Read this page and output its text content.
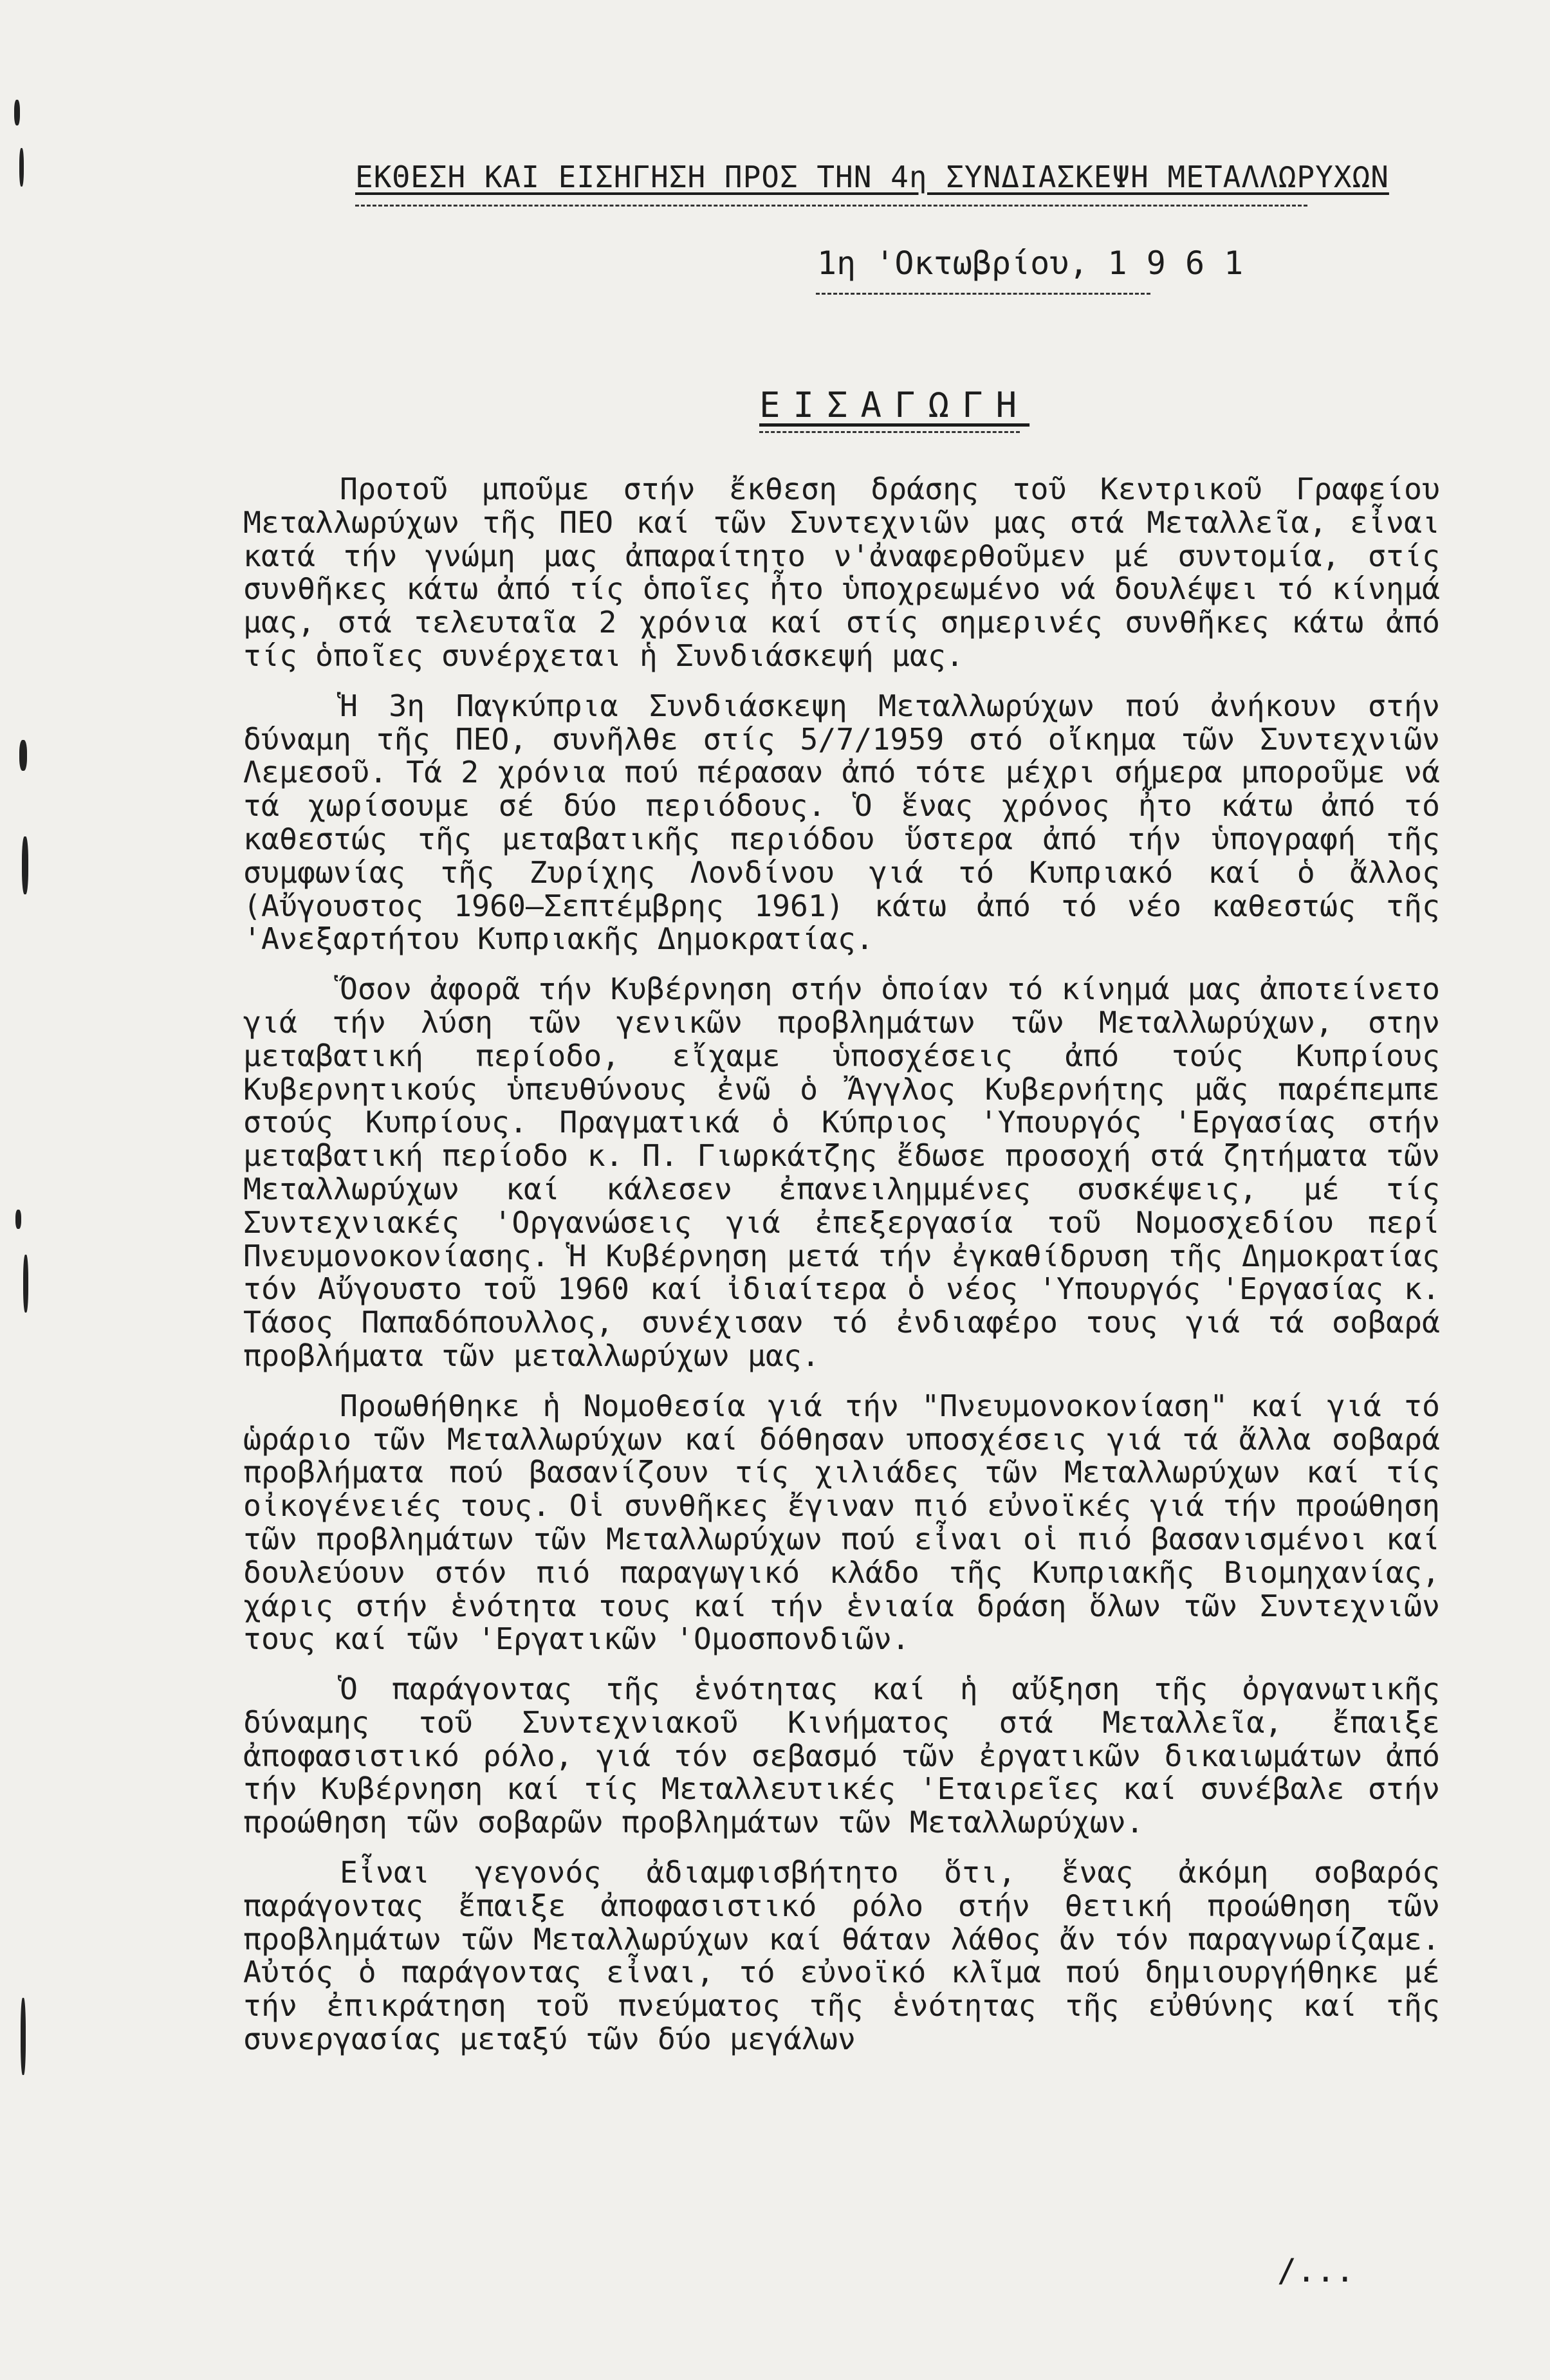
ΕΚΘΕΣΗ ΚΑΙ ΕΙΣΗΓΗΣΗ ΠΡΟΣ ΤΗΝ 4η ΣΥΝΔΙΑΣΚΕΨΗ ΜΕΤΑΛΛΩΡΥΧΩΝ
1η 'Οκτωβρίου, 1 9 6 1
ΕΙΣΑΓΩΓΗ

Προτοῦ μποῦμε στήν ἔκθεση δράσης τοῦ Κεντρικοῦ Γραφείου Μεταλλωρύχων τῆς ΠΕΟ καί τῶν Συντεχνιῶν μας στά Μεταλλεῖα, εἶναι κατά τήν γνώμη μας ἀπαραίτητο ν'ἀναφερθοῦμεν μέ συντομία, στίς συνθῆκες κάτω ἀπό τίς ὁποῖες ἦτο ὑποχρεωμένο νά δουλέψει τό κίνημά μας, στά τελευταῖα 2 χρόνια καί στίς σημερινές συνθῆκες κάτω ἀπό τίς ὁποῖες συνέρχεται ἡ Συνδιάσκεψή μας.

Ἡ 3η Παγκύπρια Συνδιάσκεψη Μεταλλωρύχων πού ἀνήκουν στήν δύναμη τῆς ΠΕΟ, συνῆλθε στίς 5/7/1959 στό οἴκημα τῶν Συντεχνιῶν Λεμεσοῦ. Τά 2 χρόνια πού πέρασαν ἀπό τότε μέχρι σήμερα μποροῦμε νά τά χωρίσουμε σέ δύο περιόδους. Ὁ ἕνας χρόνος ἦτο κάτω ἀπό τό καθεστώς τῆς μεταβατικῆς περιόδου ὕστερα ἀπό τήν ὑπογραφή τῆς συμφωνίας τῆς Ζυρίχης Λονδίνου γιά τό Κυπριακό καί ὁ ἄλλος (Αὔγουστος 1960–Σεπτέμβρης 1961) κάτω ἀπό τό νέο καθεστώς τῆς 'Ανεξαρτήτου Κυπριακῆς Δημοκρατίας.

Ὅσον ἀφορᾶ τήν Κυβέρνηση στήν ὁποίαν τό κίνημά μας ἀποτείνετο γιά τήν λύση τῶν γενικῶν προβλημάτων τῶν Μεταλλωρύχων, στην μεταβατική περίοδο, εἴχαμε ὑποσχέσεις ἀπό τούς Κυπρίους Κυβερνητικούς ὑπευθύνους ἐνῶ ὁ Ἄγγλος Κυβερνήτης μᾶς παρέπεμπε στούς Κυπρίους. Πραγματικά ὁ Κύπριος 'Υπουργός 'Εργασίας στήν μεταβατική περίοδο κ. Π. Γιωρκάτζης ἔδωσε προσοχή στά ζητήματα τῶν Μεταλλωρύχων καί κάλεσεν ἐπανειλημμένες συσκέψεις, μέ τίς Συντεχνιακές 'Οργανώσεις γιά ἐπεξεργασία τοῦ Νομοσχεδίου περί Πνευμονοκονίασης. Ἡ Κυβέρνηση μετά τήν ἐγκαθίδρυση τῆς Δημοκρατίας τόν Αὔγουστο τοῦ 1960 καί ἰδιαίτερα ὁ νέος 'Υπουργός 'Εργασίας κ. Τάσος Παπαδόπουλλος, συνέχισαν τό ἐνδιαφέρο τους γιά τά σοβαρά προβλήματα τῶν μεταλλωρύχων μας.

Προωθήθηκε ἡ Νομοθεσία γιά τήν "Πνευμονοκονίαση" καί γιά τό ὡράριο τῶν Μεταλλωρύχων καί δόθησαν υποσχέσεις γιά τά ἄλλα σοβαρά προβλήματα πού βασανίζουν τίς χιλιάδες τῶν Μεταλλωρύχων καί τίς οἰκογένειές τους. Οἱ συνθῆκες ἔγιναν πιό εὐνοϊκές γιά τήν προώθηση τῶν προβλημάτων τῶν Μεταλλωρύχων πού εἶναι οἱ πιό βασανισμένοι καί δουλεύουν στόν πιό παραγωγικό κλάδο τῆς Κυπριακῆς Βιομηχανίας, χάρις στήν ἑνότητα τους καί τήν ἑνιαία δράση ὅλων τῶν Συντεχνιῶν τους καί τῶν 'Εργατικῶν 'Ομοσπονδιῶν.

Ὁ παράγοντας τῆς ἑνότητας καί ἡ αὔξηση τῆς ὀργανωτικῆς δύναμης τοῦ Συντεχνιακοῦ Κινήματος στά Μεταλλεῖα, ἔπαιξε ἀποφασιστικό ρόλο, γιά τόν σεβασμό τῶν ἐργατικῶν δικαιωμάτων ἀπό τήν Κυβέρνηση καί τίς Μεταλλευτικές 'Εταιρεῖες καί συνέβαλε στήν προώθηση τῶν σοβαρῶν προβλημάτων τῶν Μεταλλωρύχων.

Εἶναι γεγονός ἀδιαμφισβήτητο ὅτι, ἕνας ἀκόμη σοβαρός παράγοντας ἔπαιξε ἀποφασιστικό ρόλο στήν θετική προώθηση τῶν προβλημάτων τῶν Μεταλλωρύχων καί θάταν λάθος ἄν τόν παραγνωρίζαμε. Αὐτός ὁ παράγοντας εἶναι, τό εὐνοϊκό κλῖμα πού δημιουργήθηκε μέ τήν ἐπικράτηση τοῦ πνεύματος τῆς ἑνότητας τῆς εὐθύνης καί τῆς συνεργασίας μεταξύ τῶν δύο μεγάλων

/...
